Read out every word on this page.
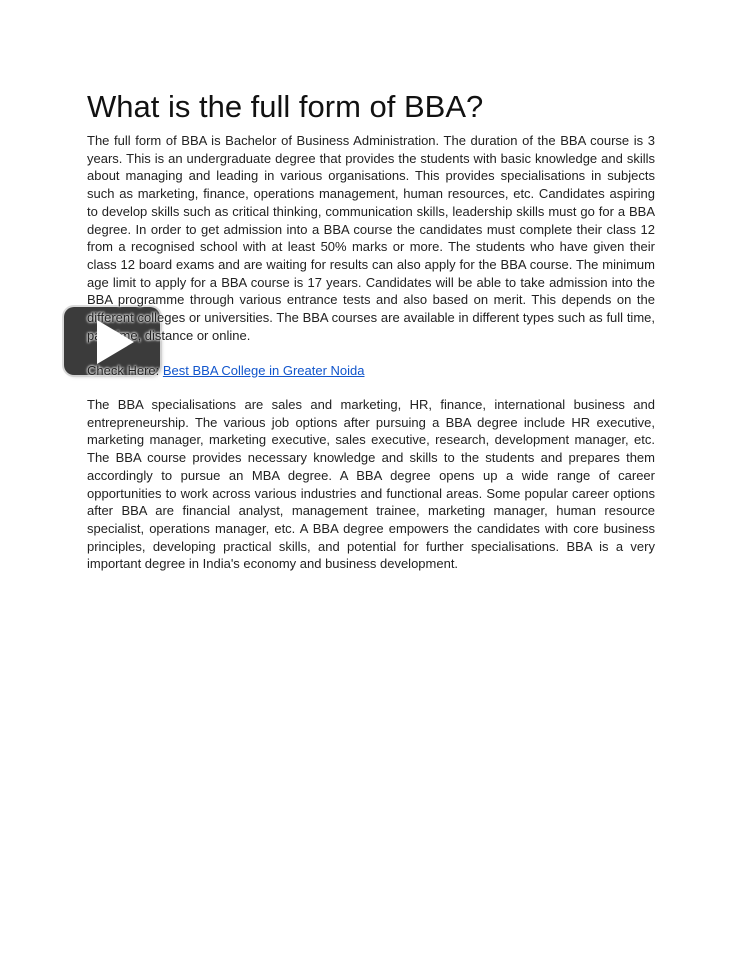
What is the full form of BBA?

The full form of BBA is Bachelor of Business Administration. The duration of the BBA course is 3 years. This is an undergraduate degree that provides the students with basic knowledge and skills about managing and leading in various organisations. This provides specialisations in subjects such as marketing, finance, operations management, human resources, etc. Candidates aspiring to develop skills such as critical thinking, communication skills, leadership skills must go for a BBA degree. In order to get admission into a BBA course the candidates must complete their class 12 from a recognised school with at least 50% marks or more. The students who have given their class 12 board exams and are waiting for results can also apply for the BBA course. The minimum age limit to apply for a BBA course is 17 years. Candidates will be able to take admission into the BBA programme through various entrance tests and also based on merit. This depends on the different colleges or universities. The BBA courses are available in different types such as full time, part time, distance or online.

Check Here: Best BBA College in Greater Noida

The BBA specialisations are sales and marketing, HR, finance, international business and entrepreneurship. The various job options after pursuing a BBA degree include HR executive, marketing manager, marketing executive, sales executive, research, development manager, etc. The BBA course provides necessary knowledge and skills to the students and prepares them accordingly to pursue an MBA degree. A BBA degree opens up a wide range of career opportunities to work across various industries and functional areas. Some popular career options after BBA are financial analyst, management trainee, marketing manager, human resource specialist, operations manager, etc. A BBA degree empowers the candidates with core business principles, developing practical skills, and potential for further specialisations. BBA is a very important degree in India's economy and business development.
